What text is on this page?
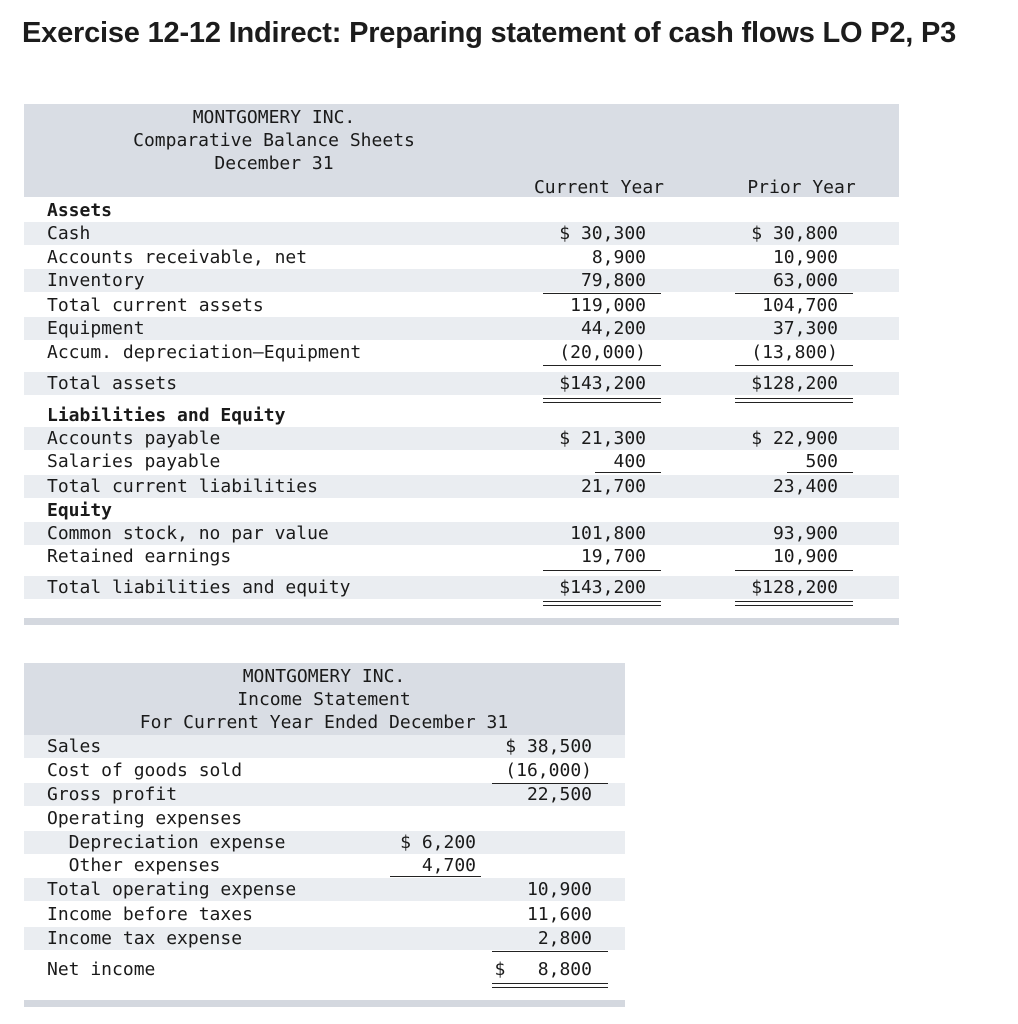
Exercise 12-12 Indirect: Preparing statement of cash flows LO P2, P3
MONTGOMERY INC.
Comparative Balance Sheets
December 31
Current Year	Prior Year
Assets
Cash	$ 30,300	$ 30,800
Accounts receivable, net	8,900	10,900
Inventory	79,800	63,000
Total current assets	119,000	104,700
Equipment	44,200	37,300
Accum. depreciation—Equipment	(20,000)	(13,800)
Total assets	$143,200	$128,200
Liabilities and Equity
Accounts payable	$ 21,300	$ 22,900
Salaries payable	400	500
Total current liabilities	21,700	23,400
Equity
Common stock, no par value	101,800	93,900
Retained earnings	19,700	10,900
Total liabilities and equity	$143,200	$128,200
MONTGOMERY INC.
Income Statement
For Current Year Ended December 31
Sales	$ 38,500
Cost of goods sold	(16,000)
Gross profit	22,500
Operating expenses
Depreciation expense	$ 6,200
Other expenses	4,700
Total operating expense	10,900
Income before taxes	11,600
Income tax expense	2,800
Net income	$   8,800
